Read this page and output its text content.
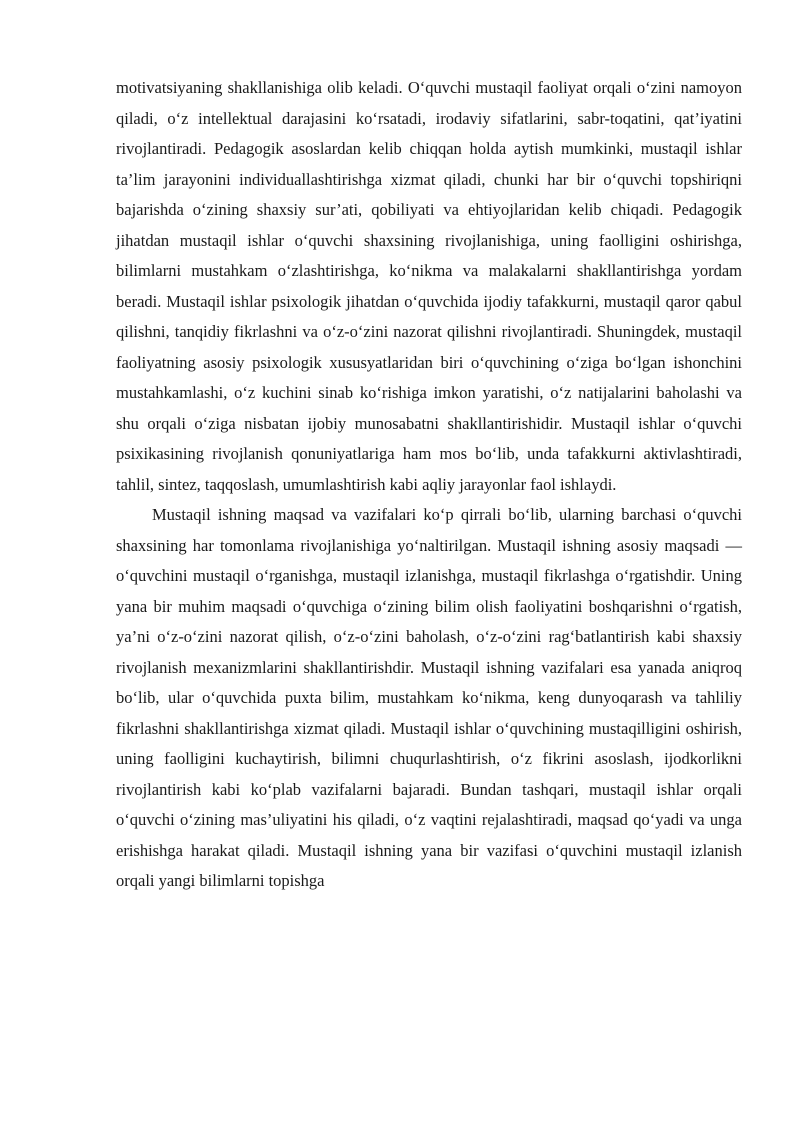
motivatsiyaning shakllanishiga olib keladi. O‘quvchi mustaqil faoliyat orqali o‘zini namoyon qiladi, o‘z intellektual darajasini ko‘rsatadi, irodaviy sifatlarini, sabr-toqatini, qat’iyatini rivojlantiradi. Pedagogik asoslardan kelib chiqqan holda aytish mumkinki, mustaqil ishlar ta’lim jarayonini individuallashtirishga xizmat qiladi, chunki har bir o‘quvchi topshiriqni bajarishda o‘zining shaxsiy sur’ati, qobiliyati va ehtiyojlaridan kelib chiqadi. Pedagogik jihatdan mustaqil ishlar o‘quvchi shaxsining rivojlanishiga, uning faolligini oshirishga, bilimlarni mustahkam o‘zlashtirishga, ko‘nikma va malakalarni shakllantirishga yordam beradi. Mustaqil ishlar psixologik jihatdan o‘quvchida ijodiy tafakkurni, mustaqil qaror qabul qilishni, tanqidiy fikrlashni va o‘z-o‘zini nazorat qilishni rivojlantiradi. Shuningdek, mustaqil faoliyatning asosiy psixologik xususyatlaridan biri o‘quvchining o‘ziga bo‘lgan ishonchini mustahkamlashi, o‘z kuchini sinab ko‘rishiga imkon yaratishi, o‘z natijalarini baholashi va shu orqali o‘ziga nisbatan ijobiy munosabatni shakllantirishidir. Mustaqil ishlar o‘quvchi psixikasining rivojlanish qonuniyatlariga ham mos bo‘lib, unda tafakkurni aktivlashtiradi, tahlil, sintez, taqqoslash, umumlashtirish kabi aqliy jarayonlar faol ishlaydi.

Mustaqil ishning maqsad va vazifalari ko‘p qirrali bo‘lib, ularning barchasi o‘quvchi shaxsining har tomonlama rivojlanishiga yo‘naltirilgan. Mustaqil ishning asosiy maqsadi — o‘quvchini mustaqil o‘rganishga, mustaqil izlanishga, mustaqil fikrlashga o‘rgatishdir. Uning yana bir muhim maqsadi o‘quvchiga o‘zining bilim olish faoliyatini boshqarishni o‘rgatish, ya’ni o‘z-o‘zini nazorat qilish, o‘z-o‘zini baholash, o‘z-o‘zini rag‘batlantirish kabi shaxsiy rivojlanish mexanizmlarini shakllantirishdir. Mustaqil ishning vazifalari esa yanada aniqroq bo‘lib, ular o‘quvchida puxta bilim, mustahkam ko‘nikma, keng dunyoqarash va tahliliy fikrlashni shakllantirishga xizmat qiladi. Mustaqil ishlar o‘quvchining mustaqilligini oshirish, uning faolligini kuchaytirish, bilimni chuqurlashtirish, o‘z fikrini asoslash, ijodkorlikni rivojlantirish kabi ko‘plab vazifalarni bajaradi. Bundan tashqari, mustaqil ishlar orqali o‘quvchi o‘zining mas’uliyatini his qiladi, o‘z vaqtini rejalashtiradi, maqsad qo‘yadi va unga erishishga harakat qiladi. Mustaqil ishning yana bir vazifasi o‘quvchini mustaqil izlanish orqali yangi bilimlarni topishga
